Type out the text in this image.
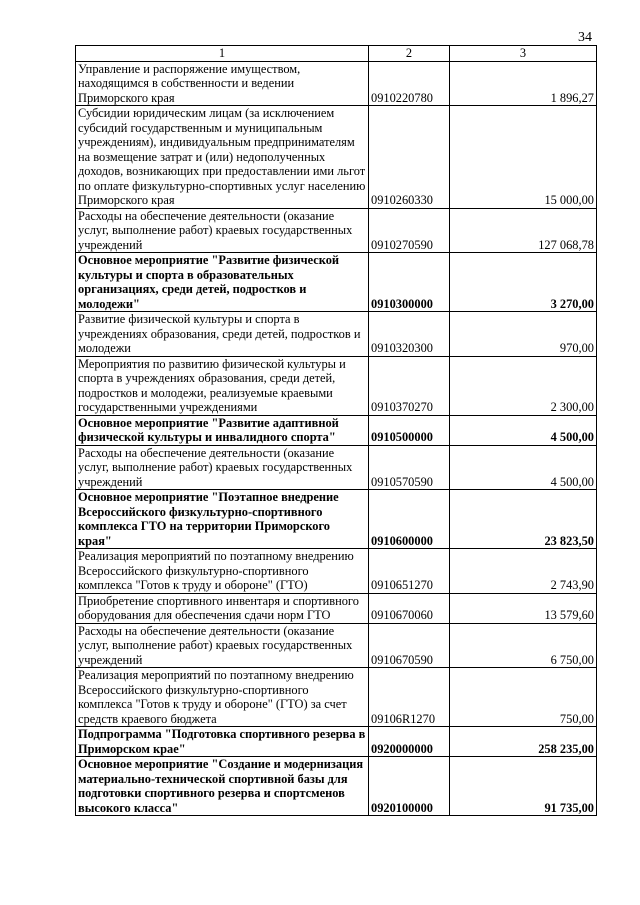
34
1	2	3
Управление и распоряжение имуществом, находящимся в собственности и ведении Приморского края	0910220780	1 896,27
Субсидии юридическим лицам (за исключением субсидий государственным и муниципальным учреждениям), индивидуальным предпринимателям на возмещение затрат и (или) недополученных доходов, возникающих при предоставлении ими льгот по оплате физкультурно-спортивных услуг населению Приморского края	0910260330	15 000,00
Расходы на обеспечение деятельности (оказание услуг, выполнение работ) краевых государственных учреждений	0910270590	127 068,78
Основное мероприятие "Развитие физической культуры и спорта в образовательных организациях, среди детей, подростков и молодежи"	0910300000	3 270,00
Развитие физической культуры и спорта в учреждениях образования, среди детей, подростков и молодежи	0910320300	970,00
Мероприятия по развитию физической культуры и спорта в учреждениях образования, среди детей, подростков и молодежи, реализуемые краевыми государственными учреждениями	0910370270	2 300,00
Основное мероприятие "Развитие адаптивной физической культуры и инвалидного спорта"	0910500000	4 500,00
Расходы на обеспечение деятельности (оказание услуг, выполнение работ) краевых государственных учреждений	0910570590	4 500,00
Основное мероприятие "Поэтапное внедрение Всероссийского физкультурно-спортивного комплекса ГТО на территории Приморского края"	0910600000	23 823,50
Реализация мероприятий по поэтапному внедрению Всероссийского физкультурно-спортивного комплекса "Готов к труду и обороне" (ГТО)	0910651270	2 743,90
Приобретение спортивного инвентаря и спортивного оборудования для обеспечения сдачи норм ГТО	0910670060	13 579,60
Расходы на обеспечение деятельности (оказание услуг, выполнение работ) краевых государственных учреждений	0910670590	6 750,00
Реализация мероприятий по поэтапному внедрению Всероссийского физкультурно-спортивного комплекса "Готов к труду и обороне" (ГТО) за счет средств краевого бюджета	09106R1270	750,00
Подпрограмма "Подготовка спортивного резерва в Приморском крае"	0920000000	258 235,00
Основное мероприятие "Создание и модернизация материально-технической спортивной базы для подготовки спортивного резерва и спортсменов высокого класса"	0920100000	91 735,00
